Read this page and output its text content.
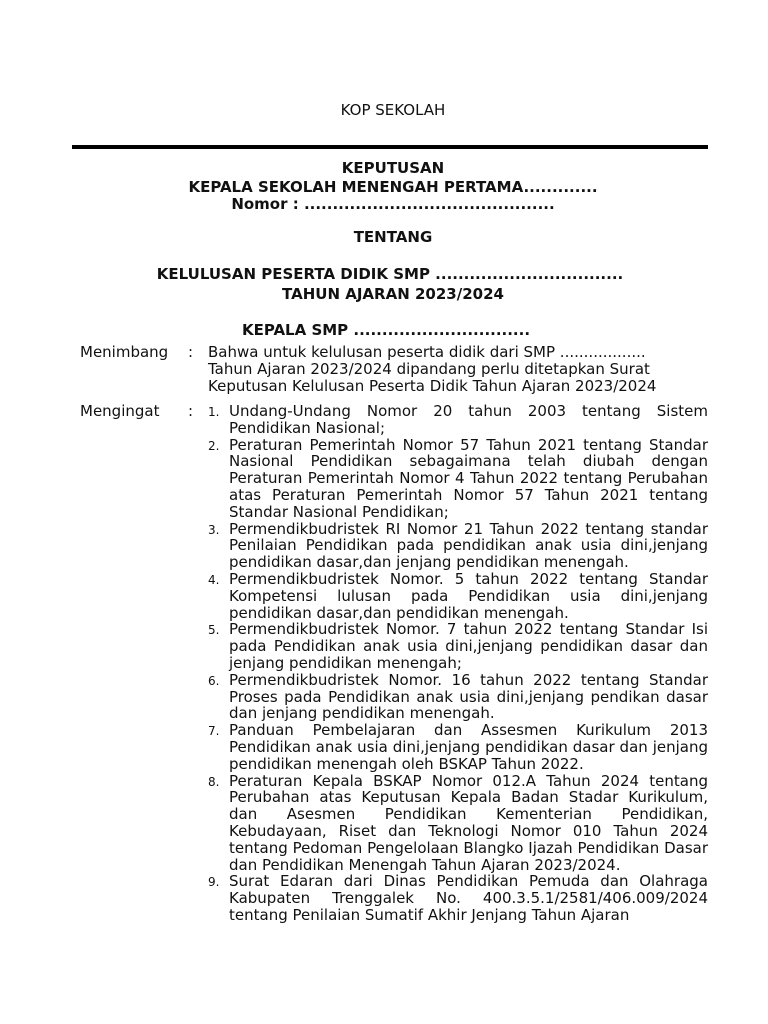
KOP SEKOLAH
KEPUTUSAN
KEPALA SEKOLAH MENENGAH PERTAMA.............
Nomor : ............................................
TENTANG
KELULUSAN PESERTA DIDIK SMP .................................
TAHUN AJARAN 2023/2024
KEPALA SMP ...............................
Menimbang : Bahwa untuk kelulusan peserta didik dari SMP ..................
Tahun Ajaran 2023/2024 dipandang perlu ditetapkan Surat
Keputusan Kelulusan Peserta Didik Tahun Ajaran 2023/2024
Mengingat : 1. Undang-Undang Nomor 20 tahun 2003 tentang Sistem Pendidikan Nasional;
2. Peraturan Pemerintah Nomor 57 Tahun 2021 tentang Standar Nasional Pendidikan sebagaimana telah diubah dengan Peraturan Pemerintah Nomor 4 Tahun 2022 tentang Perubahan atas Peraturan Pemerintah Nomor 57 Tahun 2021 tentang Standar Nasional Pendidikan;
3. Permendikbudristek RI Nomor 21 Tahun 2022 tentang standar Penilaian Pendidikan pada pendidikan anak usia dini,jenjang pendidikan dasar,dan jenjang pendidikan menengah.
4. Permendikbudristek Nomor. 5 tahun 2022 tentang Standar Kompetensi lulusan pada Pendidikan usia dini,jenjang pendidikan dasar,dan pendidikan menengah.
5. Permendikbudristek Nomor. 7 tahun 2022 tentang Standar Isi pada Pendidikan anak usia dini,jenjang pendidikan dasar dan jenjang pendidikan menengah;
6. Permendikbudristek Nomor. 16 tahun 2022 tentang Standar Proses pada Pendidikan anak usia dini,jenjang pendikan dasar dan jenjang pendidikan menengah.
7. Panduan Pembelajaran dan Assesmen Kurikulum 2013 Pendidikan anak usia dini,jenjang pendidikan dasar dan jenjang pendidikan menengah oleh BSKAP Tahun 2022.
8. Peraturan Kepala BSKAP Nomor 012.A Tahun 2024 tentang Perubahan atas Keputusan Kepala Badan Stadar Kurikulum, dan Asesmen Pendidikan Kementerian Pendidikan, Kebudayaan, Riset dan Teknologi Nomor 010 Tahun 2024 tentang Pedoman Pengelolaan Blangko Ijazah Pendidikan Dasar dan Pendidikan Menengah Tahun Ajaran 2023/2024.
9. Surat Edaran dari Dinas Pendidikan Pemuda dan Olahraga Kabupaten Trenggalek No. 400.3.5.1/2581/406.009/2024 tentang Penilaian Sumatif Akhir Jenjang Tahun Ajaran
